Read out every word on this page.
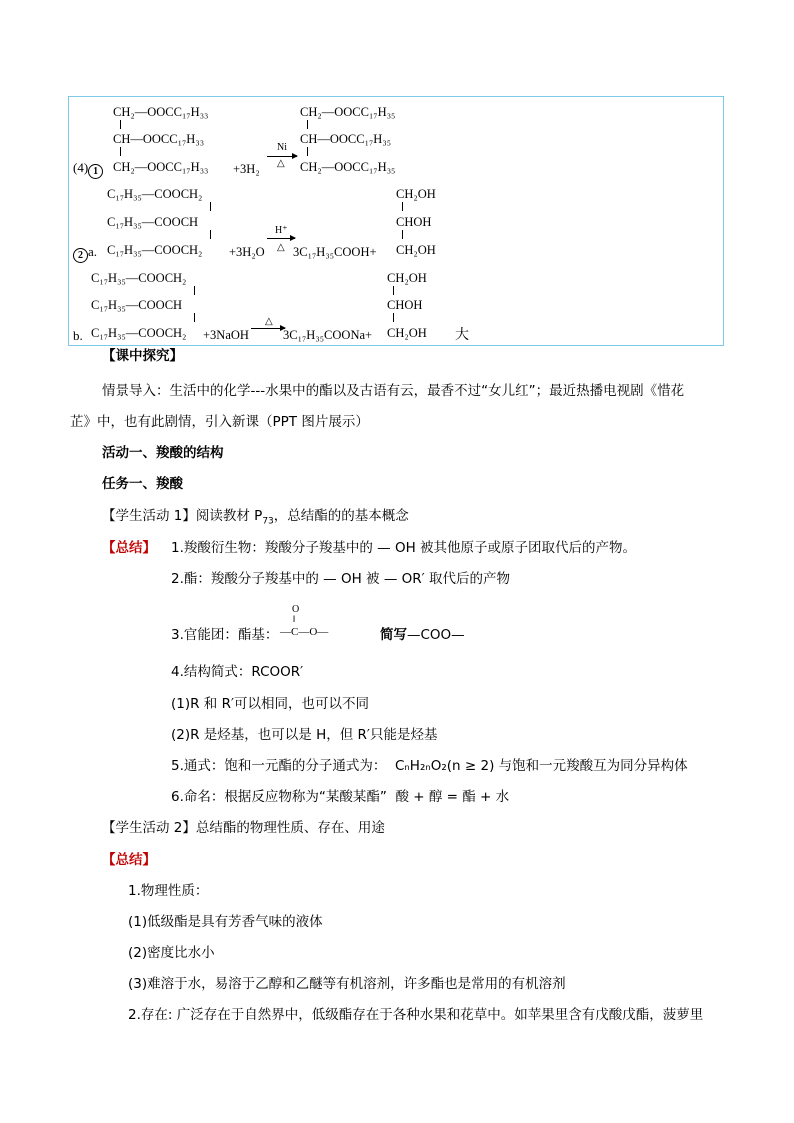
CH₂—OOCC₁₇H₃₃
CH—OOCC₁₇H₃₃
(4) 1	CH₂—OOCC₁₇H₃₃ +3H₂
Ni
△
CH₂—OOCC₁₇H₃₅
CH—OOCC₁₇H₃₅
CH₂—OOCC₁₇H₃₅
C₁₇H₃₅—COOCH₂
C₁₇H₃₅—COOCH
2 a. C₁₇H₃₅—COOCH₂ +3H₂O
H⁺
△ 3C₁₇H₃₅COOH+
CH₂OH
CHOH
CH₂OH
C₁₇H₃₅—COOCH₂
C₁₇H₃₅—COOCH
b. C₁₇H₃₅—COOCH₂ +3NaOH
△
3C₁₇H₃₅COONa+
CH₂OH
CHOH
CH₂OH 大
【课中探究】
情景导入：生活中的化学---水果中的酯以及古语有云，最香不过“女儿红”；最近热播电视剧《惜花
芷》中，也有此剧情，引入新课（PPT 图片展示）
活动一、羧酸的结构
任务一、羧酸
【学生活动 1】阅读教材 $P_{73}$，总结酯的的基本概念
【总结】 1.羧酸衍生物：羧酸分子羧基中的 — OH 被其他原子或原子团取代后的产物。
2.酯：羧酸分子羧基中的 — OH 被 — OR′ 取代后的产物
3.官能团：酯基：
O
‖
—C—O—	简写—COO—
4.结构简式：RCOOR′
(1)R 和 R′可以相同，也可以不同
(2)R 是烃基，也可以是 H，但 R′只能是烃基
5.通式：饱和一元酯的分子通式为： CₙH₂ₙO₂(n ≥ 2) 与饱和一元羧酸互为同分异构体
6.命名：根据反应物称为“某酸某酯” 酸 + 醇 = 酯 + 水
【学生活动 2】总结酯的物理性质、存在、用途
【总结】
1.物理性质：
(1)低级酯是具有芳香气味的液体
(2)密度比水小
(3)难溶于水，易溶于乙醇和乙醚等有机溶剂，许多酯也是常用的有机溶剂
2.存在: 广泛存在于自然界中，低级酯存在于各种水果和花草中。如苹果里含有戊酸戊酯，菠萝里
